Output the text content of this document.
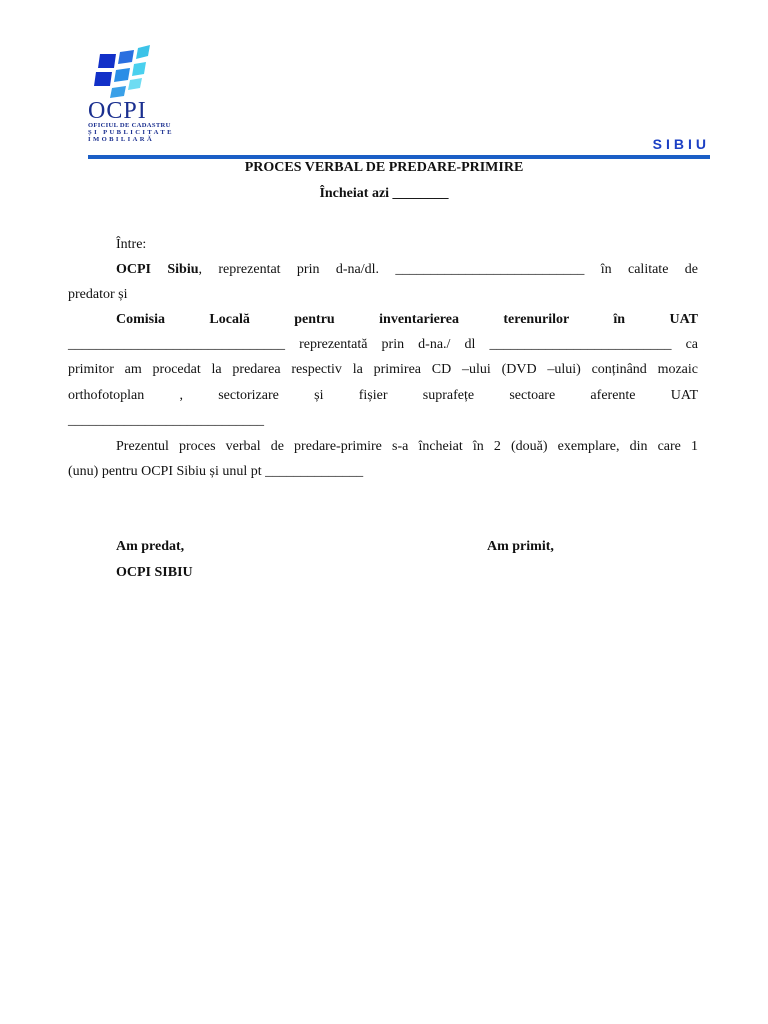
OCPI
OFICIUL DE CADASTRU
ȘI PUBLICITATE
IMOBILIARĂ	SIBIU
PROCES VERBAL DE PREDARE-PRIMIRE
Încheiat azi ________
Între:
OCPI Sibiu, reprezentat prin d-na/dl. ___________________________ în calitate de
predator și
Comisia Locală pentru inventarierea terenurilor în UAT
_______________________________ reprezentată prin d-na./ dl __________________________ ca
primitor am procedat la predarea respectiv la primirea CD –ului (DVD –ului) conținând mozaic
orthofotoplan , sectorizare și fișier suprafețe sectoare aferente UAT
____________________________
Prezentul proces verbal de predare-primire s-a încheiat în 2 (două) exemplare, din care 1
(unu) pentru OCPI Sibiu și unul pt ______________
Am predat,
OCPI SIBIU
Am primit,
